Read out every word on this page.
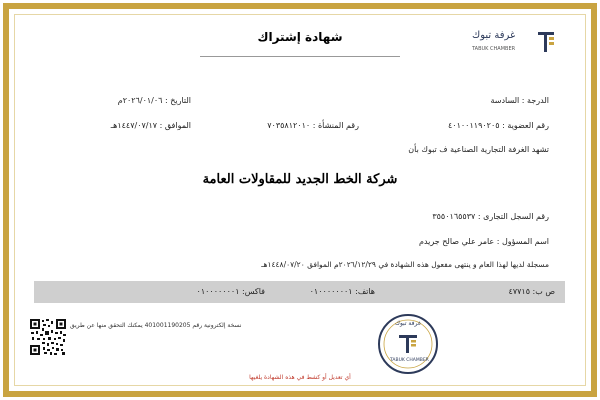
غرفة تبوك
TABUK CHAMBER
شهادة إشتراك
الدرجة : السادسة
التاريخ : ٢٠٢٦/٠١/٠٦م
رقم العضوية : ٤٠١٠٠١١٩٠٢٠٥
رقم المنشأة : ٧٠٣٥٨١٢٠١٠
الموافق : ١٤٤٧/٠٧/١٧هـ
تشهد الغرفة التجارية الصناعية ف تبوك بأن
شركة الخط الجديد للمقاولات العامة
رقم السجل التجارى : ٣٥٥٠١٦٥٥٣٧
اسم المسؤول : عامر علي صالح جريدم
مسجلة لديها لهذا العام و ينتهى مفعول هذه الشهادة في ٢٠٢٦/١٢/٢٩م الموافق ١٤٤٨/٠٧/٢٠هـ
ص ب: ٤٧٧١٥
هاتف: ٠١٠٠٠٠٠٠٠١
فاكس: ٠١٠٠٠٠٠٠٠١
نسخة إلكترونية رقم 401001190205 يمكنك التحقق منها عن طريق	غرفة تبوك
TABUK CHAMBER
أي تعديل أو كشط في هذه الشهادة يلغيها
